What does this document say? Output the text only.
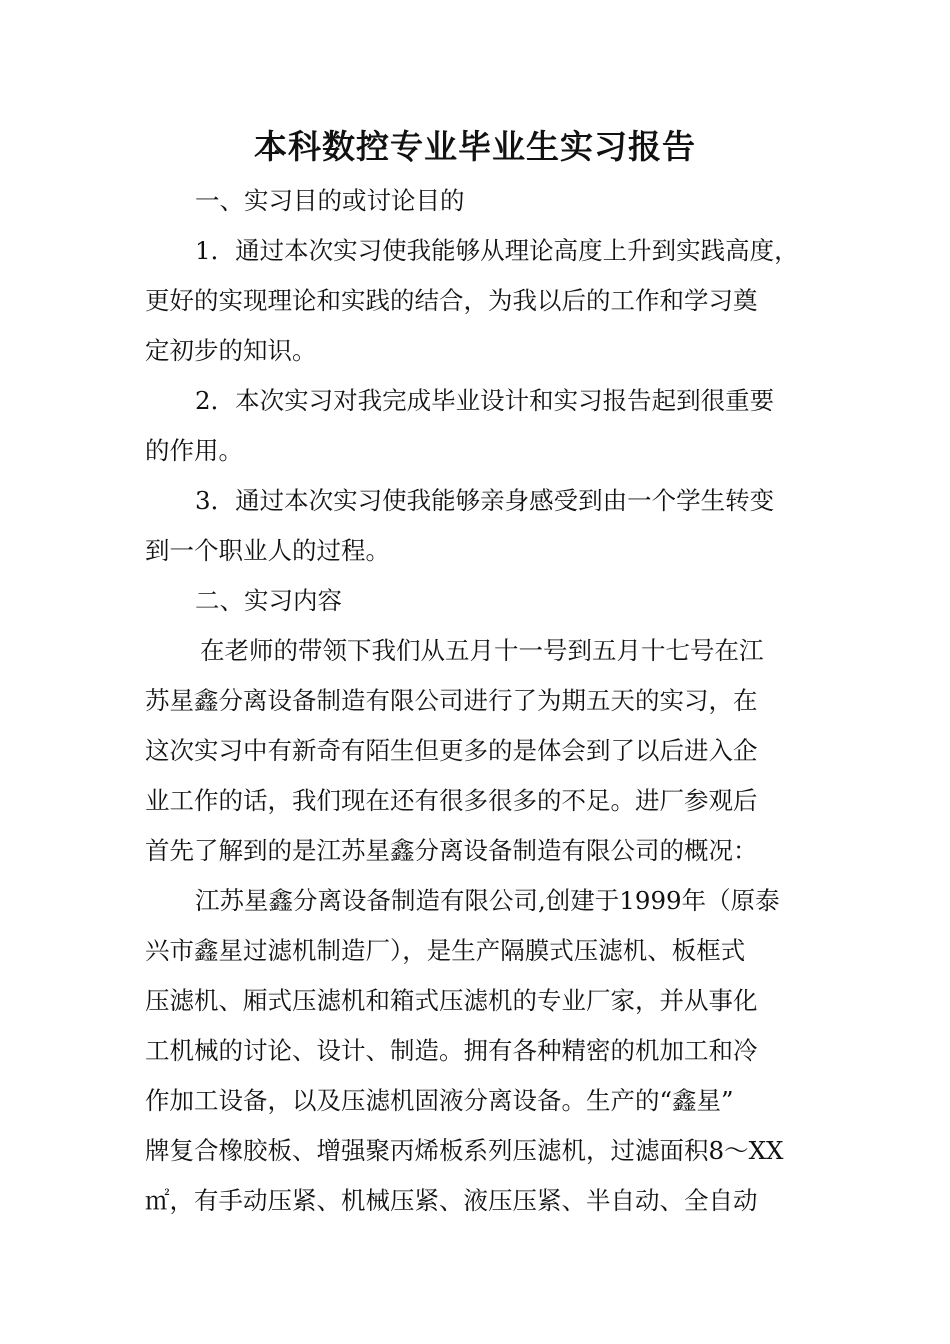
本科数控专业毕业生实习报告
一、实习目的或讨论目的
1．通过本次实习使我能够从理论高度上升到实践高度，
更好的实现理论和实践的结合，为我以后的工作和学习奠
定初步的知识。
2．本次实习对我完成毕业设计和实习报告起到很重要
的作用。
3．通过本次实习使我能够亲身感受到由一个学生转变
到一个职业人的过程。
二、实习内容
在老师的带领下我们从五月十一号到五月十七号在江
苏星鑫分离设备制造有限公司进行了为期五天的实习，在
这次实习中有新奇有陌生但更多的是体会到了以后进入企
业工作的话，我们现在还有很多很多的不足。进厂参观后
首先了解到的是江苏星鑫分离设备制造有限公司的概况：
江苏星鑫分离设备制造有限公司,创建于1999年（原泰
兴市鑫星过滤机制造厂），是生产隔膜式压滤机、板框式
压滤机、厢式压滤机和箱式压滤机的专业厂家，并从事化
工机械的讨论、设计、制造。拥有各种精密的机加工和冷
作加工设备，以及压滤机固液分离设备。生产的“鑫星”
牌复合橡胶板、增强聚丙烯板系列压滤机，过滤面积8～XX
㎡，有手动压紧、机械压紧、液压压紧、半自动、全自动
